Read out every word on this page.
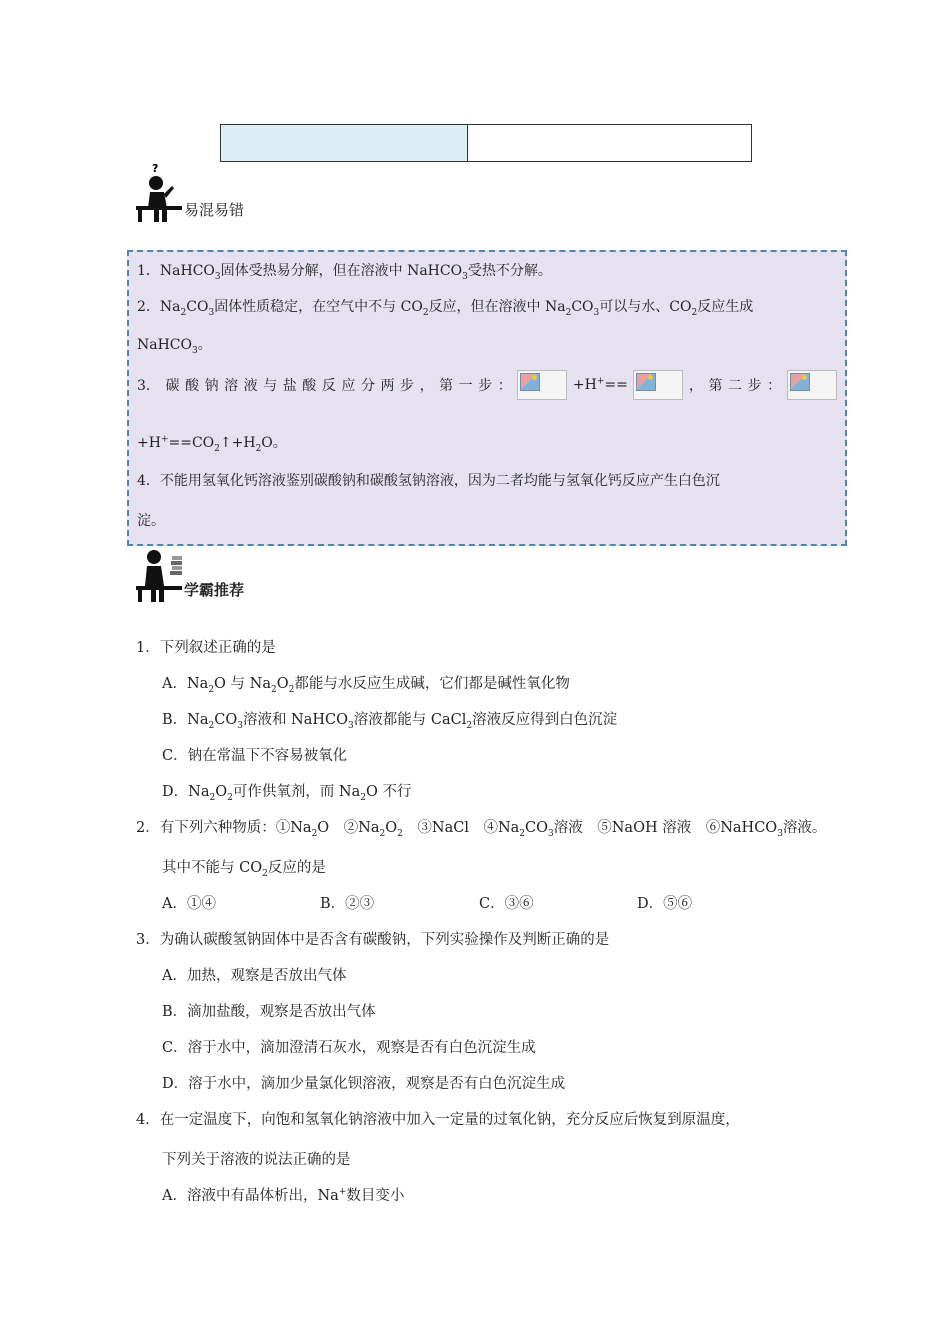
?
易混易错
1．NaHCO$_3$固体受热易分解，但在溶液中 NaHCO$_3$受热不分解。
2．$Na_2CO_3$固体性质稳定，在空气中不与 $CO_2$反应，但在溶液中 $Na_2CO_3$可以与水、$CO_2$反应生成
NaHCO$_3$。
3． 碳 酸 钠 溶 液 与 盐 酸 反 应 分 两 步 ， 第 一 步 ：	+H+==	， 第 二 步 ：
$+H^+==CO_2↑+H_2O$。
4．不能用氢氧化钙溶液鉴别碳酸钠和碳酸氢钠溶液，因为二者均能与氢氧化钙反应产生白色沉
淀。
学霸推荐
1．下列叙述正确的是
A．$Na_2O$ 与 $Na_2O_2$都能与水反应生成碱，它们都是碱性氧化物
B．$Na_2CO_3$溶液和 NaHCO$_3$溶液都能与 CaCl$_2$溶液反应得到白色沉淀
C．钠在常温下不容易被氧化
D．$Na_2O_2$可作供氧剂，而 $Na_2O$ 不行
2．有下列六种物质：$①Na_2O$　$②Na_2O_2$　③NaCl　$④Na_2CO_3$溶液　⑤NaOH 溶液　⑥NaHCO$_3$溶液。
其中不能与 $CO_2$反应的是
A．①④	B．②③	C．③⑥	D．⑤⑥
3．为确认碳酸氢钠固体中是否含有碳酸钠，下列实验操作及判断正确的是
A．加热，观察是否放出气体
B．滴加盐酸，观察是否放出气体
C．溶于水中，滴加澄清石灰水，观察是否有白色沉淀生成
D．溶于水中，滴加少量氯化钡溶液，观察是否有白色沉淀生成
4．在一定温度下，向饱和氢氧化钠溶液中加入一定量的过氧化钠，充分反应后恢复到原温度，
下列关于溶液的说法正确的是
A．溶液中有晶体析出，Na+数目变小
